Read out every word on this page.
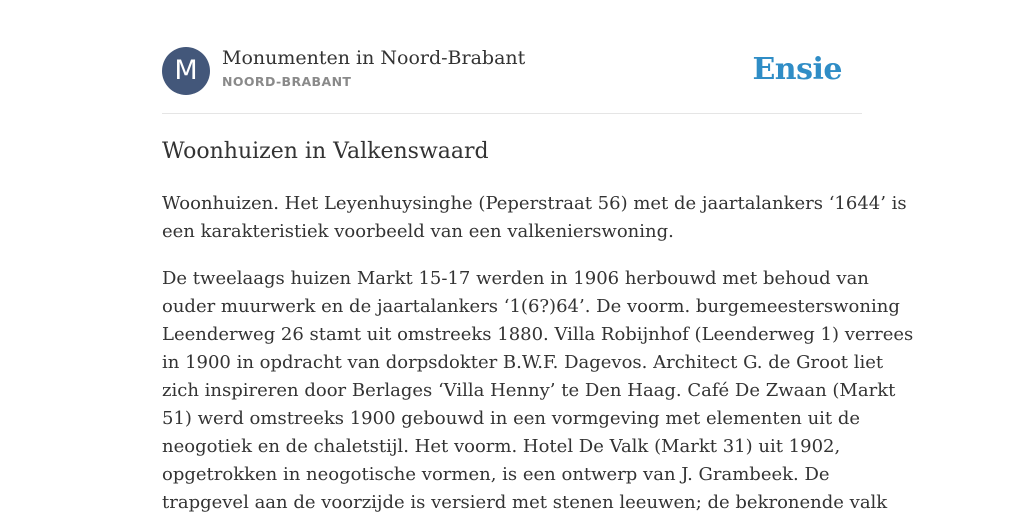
M	Monumenten in Noord-Brabant
NOORD-BRABANT	Ensie
Woonhuizen in Valkenswaard

Woonhuizen. Het Leyenhuysinghe (Peperstraat 56) met de jaartalankers ‘1644’ is
een karakteristiek voorbeeld van een valkenierswoning.

De tweelaags huizen Markt 15-17 werden in 1906 herbouwd met behoud van
ouder muurwerk en de jaartalankers ‘1(6?)64’. De voorm. burgemeesterswoning
Leenderweg 26 stamt uit omstreeks 1880. Villa Robijnhof (Leenderweg 1) verrees
in 1900 in opdracht van dorpsdokter B.W.F. Dagevos. Architect G. de Groot liet
zich inspireren door Berlages ‘Villa Henny’ te Den Haag. Café De Zwaan (Markt
51) werd omstreeks 1900 gebouwd in een vormgeving met elementen uit de
neogotiek en de chaletstijl. Het voorm. Hotel De Valk (Markt 31) uit 1902,
opgetrokken in neogotische vormen, is een ontwerp van J. Grambeek. De
trapgevel aan de voorzijde is versierd met stenen leeuwen; de bekronende valk
